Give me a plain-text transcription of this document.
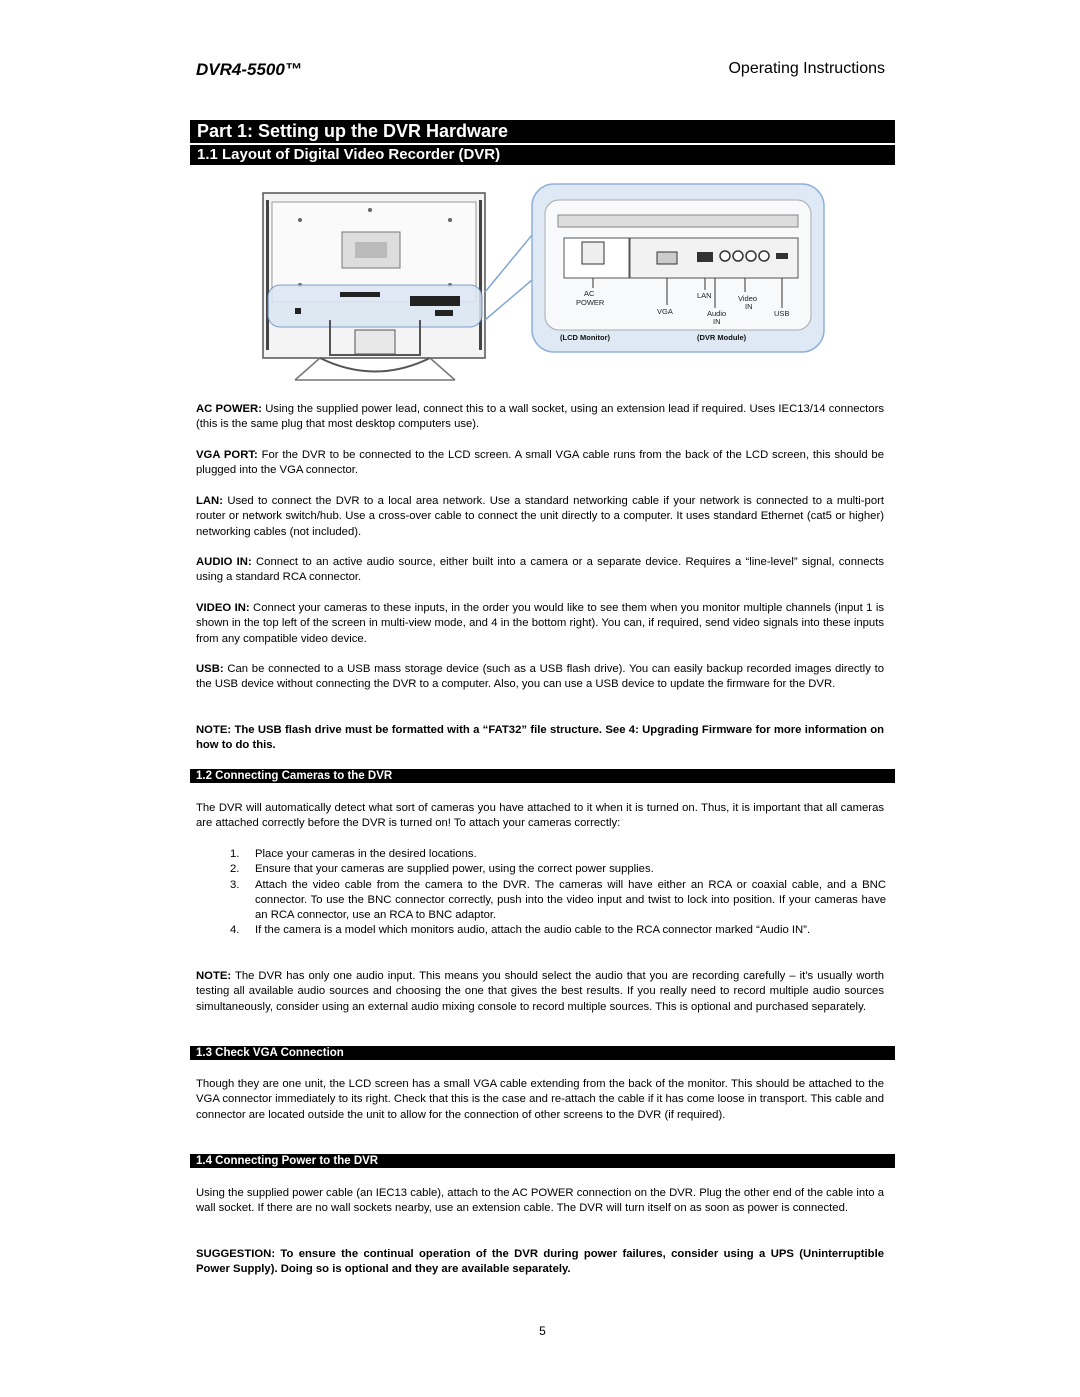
DVR4-5500™	Operating Instructions
Part 1: Setting up the DVR Hardware
1.1 Layout of Digital Video Recorder (DVR)
AC
POWER
LAN
VGA	Audio
IN
Video
IN
USB
(LCD Monitor)	(DVR Module)
AC POWER: Using the supplied power lead, connect this to a wall socket, using an extension lead if required. Uses IEC13/14 connectors (this is the same plug that most desktop computers use).
VGA PORT: For the DVR to be connected to the LCD screen. A small VGA cable runs from the back of the LCD screen, this should be plugged into the VGA connector.
LAN: Used to connect the DVR to a local area network. Use a standard networking cable if your network is connected to a multi-port router or network switch/hub. Use a cross-over cable to connect the unit directly to a computer. It uses standard Ethernet (cat5 or higher) networking cables (not included).
AUDIO IN: Connect to an active audio source, either built into a camera or a separate device. Requires a “line-level” signal, connects using a standard RCA connector.
VIDEO IN: Connect your cameras to these inputs, in the order you would like to see them when you monitor multiple channels (input 1 is shown in the top left of the screen in multi-view mode, and 4 in the bottom right). You can, if required, send video signals into these inputs from any compatible video device.
USB: Can be connected to a USB mass storage device (such as a USB flash drive). You can easily backup recorded images directly to the USB device without connecting the DVR to a computer. Also, you can use a USB device to update the firmware for the DVR.
NOTE: The USB flash drive must be formatted with a “FAT32” file structure. See 4: Upgrading Firmware for more information on how to do this.
1.2 Connecting Cameras to the DVR
The DVR will automatically detect what sort of cameras you have attached to it when it is turned on. Thus, it is important that all cameras are attached correctly before the DVR is turned on! To attach your cameras correctly:
1. Place your cameras in the desired locations.
2. Ensure that your cameras are supplied power, using the correct power supplies.
3. Attach the video cable from the camera to the DVR. The cameras will have either an RCA or coaxial cable, and a BNC connector. To use the BNC connector correctly, push into the video input and twist to lock into position. If your cameras have an RCA connector, use an RCA to BNC adaptor.
4. If the camera is a model which monitors audio, attach the audio cable to the RCA connector marked “Audio IN”.
NOTE: The DVR has only one audio input. This means you should select the audio that you are recording carefully – it’s usually worth testing all available audio sources and choosing the one that gives the best results. If you really need to record multiple audio sources simultaneously, consider using an external audio mixing console to record multiple sources. This is optional and purchased separately.
1.3 Check VGA Connection
Though they are one unit, the LCD screen has a small VGA cable extending from the back of the monitor. This should be attached to the VGA connector immediately to its right. Check that this is the case and re-attach the cable if it has come loose in transport. This cable and connector are located outside the unit to allow for the connection of other screens to the DVR (if required).
1.4 Connecting Power to the DVR
Using the supplied power cable (an IEC13 cable), attach to the AC POWER connection on the DVR. Plug the other end of the cable into a wall socket. If there are no wall sockets nearby, use an extension cable. The DVR will turn itself on as soon as power is connected.
SUGGESTION: To ensure the continual operation of the DVR during power failures, consider using a UPS (Uninterruptible Power Supply). Doing so is optional and they are available separately.
5
